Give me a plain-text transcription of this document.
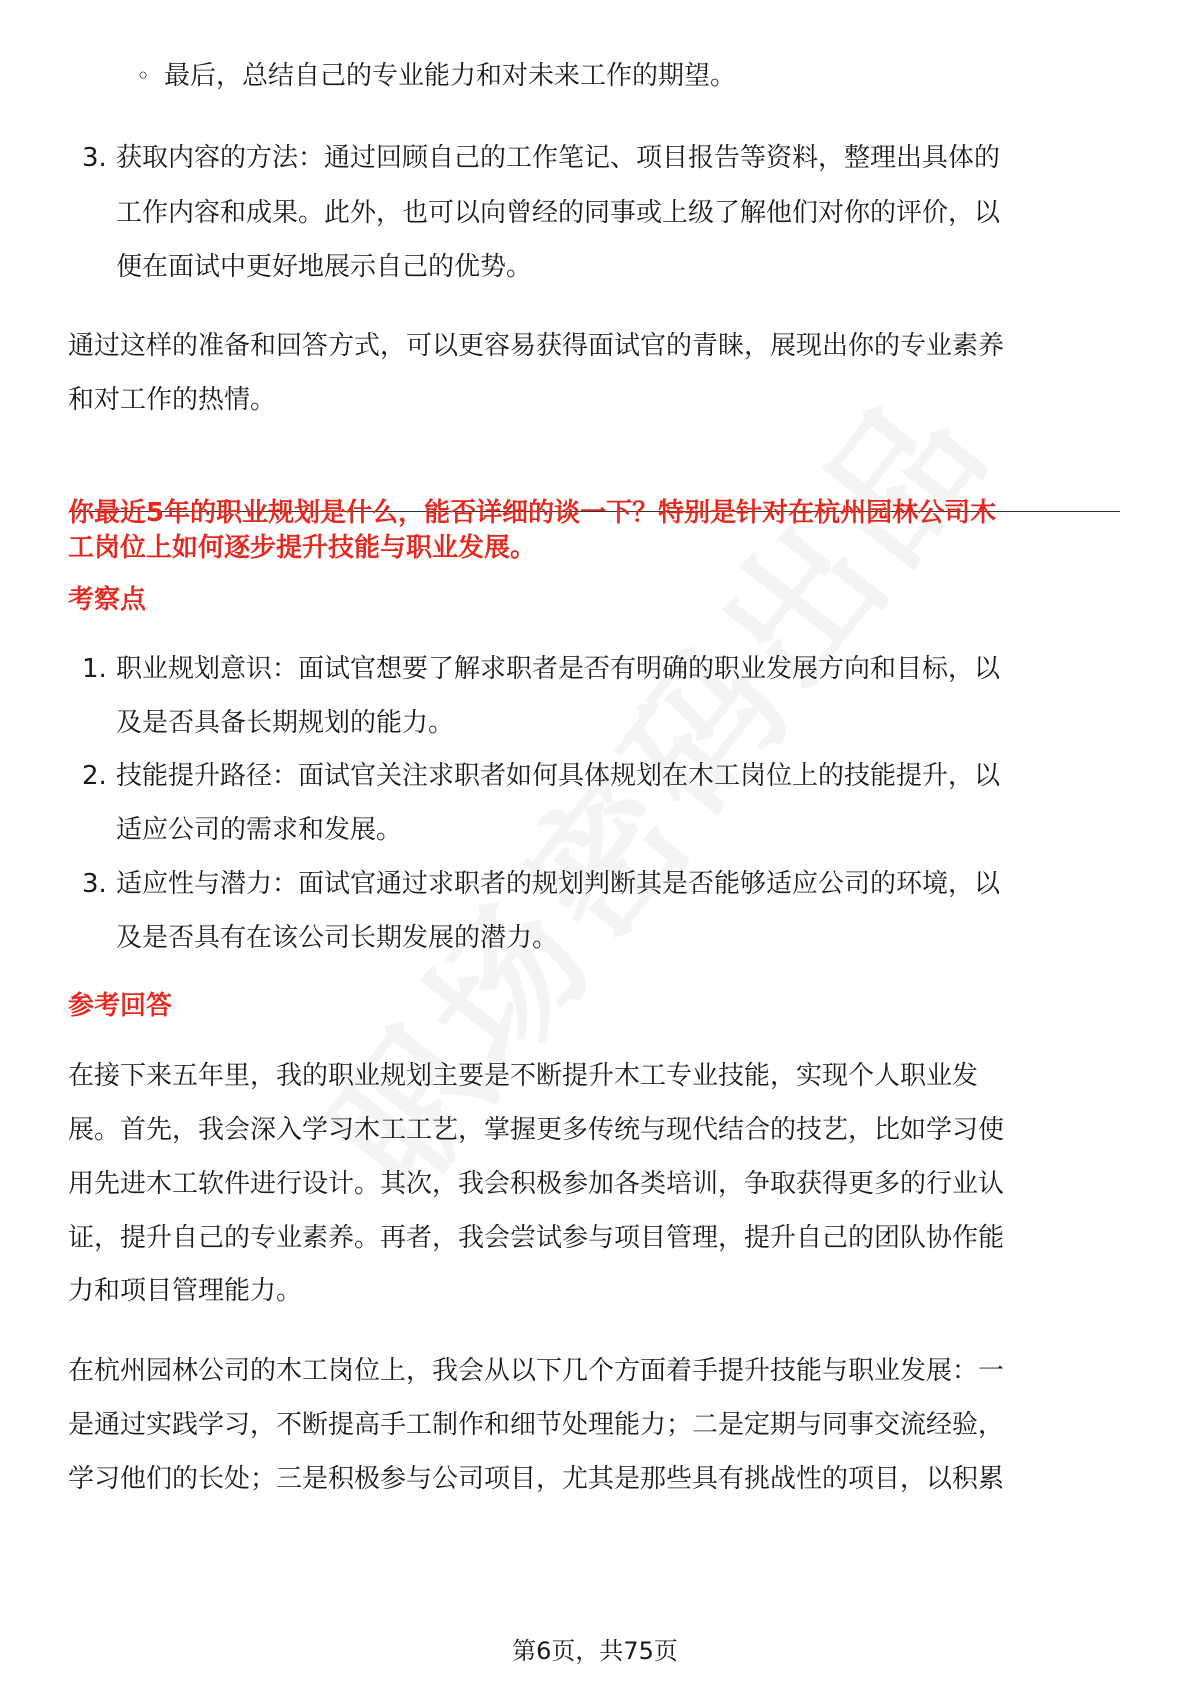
◦ 最后，总结自己的专业能力和对未来工作的期望。
3. 获取内容的方法：通过回顾自己的工作笔记、项目报告等资料，整理出具体的
工作内容和成果。此外，也可以向曾经的同事或上级了解他们对你的评价，以
便在面试中更好地展示自己的优势。
通过这样的准备和回答方式，可以更容易获得面试官的青睐，展现出你的专业素养
和对工作的热情。
你最近5年的职业规划是什么，能否详细的谈一下？特别是针对在杭州园林公司木
工岗位上如何逐步提升技能与职业发展。
考察点
1. 职业规划意识：面试官想要了解求职者是否有明确的职业发展方向和目标，以
及是否具备长期规划的能力。
2. 技能提升路径：面试官关注求职者如何具体规划在木工岗位上的技能提升，以
适应公司的需求和发展。
3. 适应性与潜力：面试官通过求职者的规划判断其是否能够适应公司的环境，以
及是否具有在该公司长期发展的潜力。
参考回答
在接下来五年里，我的职业规划主要是不断提升木工专业技能，实现个人职业发
展。首先，我会深入学习木工工艺，掌握更多传统与现代结合的技艺，比如学习使
用先进木工软件进行设计。其次，我会积极参加各类培训，争取获得更多的行业认
证，提升自己的专业素养。再者，我会尝试参与项目管理，提升自己的团队协作能
力和项目管理能力。
在杭州园林公司的木工岗位上，我会从以下几个方面着手提升技能与职业发展：一
是通过实践学习，不断提高手工制作和细节处理能力；二是定期与同事交流经验，
学习他们的长处；三是积极参与公司项目，尤其是那些具有挑战性的项目，以积累
第6页，共75页
